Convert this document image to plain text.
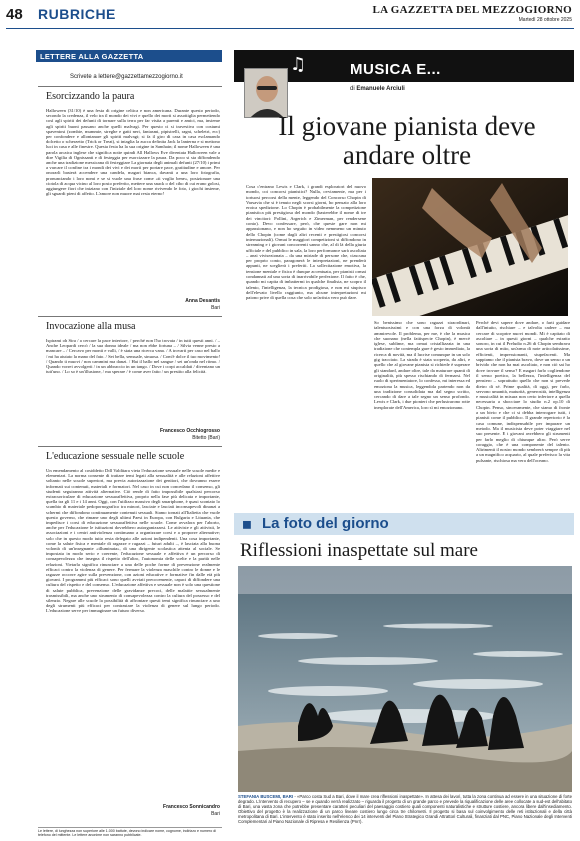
48 RUBRICHE	LA GAZZETTA DEL MEZZOGIORNO
Martedì 28 ottobre 2025
LETTERE ALLA GAZZETTA
Scrivete a lettere@gazzettamezzogiorno.it
Esorcizzando la paura
Halloween (31/10) è una festa di origine celtica e non americana. Durante questo periodo, secondo la credenza, il velo tra il mondo dei vivi e quello dei morti si assottiglia permettendo così agli spiriti dei defunti di tornare sulla terra per far visita a parenti e amici, ma, insieme agli spiriti buoni passano anche quelli malvagi. Per questo ci si travestiva con costumi spaventosi (zombie, mummie, streghe e gatti neri, fantasmi, pipistrelli, ragni, scheletri, ecc) per confondere e allontanare gli spiriti malvagi; si fa il giro di casa in casa esclamando dolcetto o scherzetto (Trick or Treat), si intaglia la zucca definita Jack la lanterna e si mettono luci in casa e alle finestre. Questa festa ha la sua origine in Samhain; il nome Halloween è una parola arcaica inglese che significa notte quindi All Hallows Eve diventata Halloween vale a dire Vigilia di Ognissanti e di festeggia per esorcizzare la paura. Da poco si sta diffondendo anche una tradizione messicana di festeggiare La giornata degli animali defunti (27/10) i primi a varcare il confine tra i mondi dei vivi e dei morti per portare pace, gratitudine e amore. Per onorarli basterà accendere una candela, magari bianca, davanti a una loro fotografia, pronunciando i loro nomi e se si vuole una frase come «ti voglio bene», posizionare una ciotola di acqua vicino al loro posto preferito, mettere una snack o del cibo di cui erano golosi, aggiungere fiori che iniziano con l'iniziale del loro nome rivivendo le foto, i giochi insieme, gli sguardi pieni di affetto. L'amore non muore mai resta eterno!
Anna Desantis
Bari
Invocazione alla musa
Ispirami oh Sira / a cercare la pace interiore, / perché non l'ho trovata / in tutti questi anni. / – Anche Leopardi cercò / la sua donna ideale / ma non ebbe fortuna – / Silvia venne presto a mancare – / Cercavo per monti e valli, / è stata una ricerca vana. / A trovarti per caso nel ballo / mi ha aiutato la mano del fato. / Sei bella, sensuale, sinuosa. / Com'è dolce il tuo movimento! / Quando ti muovi / non cammini ma danzi. / Hai il ballo nel sangue / sei un'onda nel ritmo. / Quando vorrei avvolgerti / in un abbraccio in un tango. / Dove i corpi accaldati / diventano un tutt'uno. / Lo so è un'illusione, / ma sperare / è come aver fatto / un prestito alla felicità.
Francesco Occhiogrosso
Bitetto (Bari)
L'educazione sessuale nelle scuole
Un emendamento al cosiddetto Ddl Valditara vieta l'educazione sessuale nelle scuole medie e elementari. La norma consente di trattare temi legati alla sessualità e alle relazioni affettive soltanto nelle scuole superiori, ma previa autorizzazione dei genitori, che dovranno essere informati sui contenuti, materiali e formatori. Nel caso in cui non concedano il consenso, gli studenti seguiranno attività alternative. Ciò rende di fatto impossibile qualsiasi percorso extracurriculare di educazione sessuoaffettiva, proprio nella fase più delicata e importante, quella tra gli 11 e i 14 anni. Oggi, con l'utilizzo massivo degli smartphone, è quasi scontato lo scambio di materiale pedopornografico tra minori, lasciate e lasciati inconsapevoli dinanzi a schermi che diffondono continuamente contenuti sessuali. Siamo tornati all'Italietta che vuole questo governo, che rimane uno degli ultimi Paesi in Europa, con Bulgaria e Lituania, che impedisce i corsi di educazione sessuoaffettiva nelle scuole. Come avvalora per l'aborto, anche per l'educazione le istituzioni dovrebbero autorganizzarsi. Le attiviste e gli attivisti, le associazioni e i centri antiviolenza continuano a organizzare corsi e a proporre alternative; solo che in questo modo tutto resta delegato alle azioni indipendenti. Una cosa importante, come la salute fisica e mentale di ragazze e ragazzi – futuri adulti –, è lasciata alla buona volontà di un'insegnante «illuminata», di una dirigente scolastica attenta al sociale. Se impostata in modo serio e coerente, l'educazione sessuale e affettiva è un percorso di consapevolezza che insegna il rispetto dell'altro, l'autonomia delle scelte e la parità nelle relazioni. Vietarla significa rinunciare a una delle poche forme di prevenzione realmente efficaci contro la violenza di genere. Per fermare la violenza maschile contro le donne e le ragazze occorre agire sulla prevenzione, con azioni educative e formative fin dalle età più giovani. I programmi più efficaci sono quelli avviati precocemente, capaci di diffondere una cultura del rispetto e del consenso. L'educazione affettiva e sessuale non è solo una questione di salute pubblica, prevenzione delle gravidanze precoci, delle malattie sessualmente trasmissibili, ma anche uno strumento di consapevolezza contro la cultura del possesso e del silenzio. Negare alle scuole la possibilità di affrontare questi temi significa rinunciare a uno degli strumenti più efficaci per contrastare la violenza di genere sul lungo periodo. L'educazione serve per immaginare un futuro diverso.
Francesco Sonnicandro
Bari
Le lettere, di lunghezza non superiore alle 1.000 battute, devono indicare nome, cognome, indirizzo e numero di telefono del mittente. Le lettere anonime non saranno pubblicate.
♫	MUSICA E...
di Emanuele Arciuli
Il giovane pianista deve andare oltre
Cosa c'entrano Lewis e Clark, i grandi esploratori del nuovo mondo, coi concorsi pianistici? Nulla, ovviamente, ma per i tortuosi percorsi della mente, leggendo del Concorso Chopin di Varsavia che si è tenuto negli scorsi giorni, ho pensato alla loro eroica spedizione. Lo Chopin è probabilmente la competizione pianistica più prestigiosa del mondo (basterebbe il nome di tre dei vincitori: Pollini, Argerich e Zimerman, per rendersene conto). Devo confessare, però, che queste gare non mi appassionano, e non ho seguito in video nemmeno un minuto dello Chopin (come dagli altri recenti e prestigiosi concorsi internazionali). Ormai le maggiori competizioni si diffondono in streaming e i giovani concorrenti sanno che, al di là della giuria ufficiale e del pubblico in sala, la loro performance sarà ascoltata – anzi vivisezionata – da una miriade di persone che, ciascuna per proprio conto, paragonerà le interpretazioni, ne prenderà appunti, ne sceglierà i preferiti. La sollecitazione emotiva, la tensione mentale e fisica è dunque accentuata, per pianisti ormai condannati ad una sorta di inarrivabile perfezione. Il fatto è che, quando mi capita di imbattermi in qualche finalista, ne scopro il talento, l'intelligenza, la tecnica prodigiosa, e non mi stupisco dell'elevato livello raggiunto, ma alcune interpretazioni mi paiono prive di quella cosa che solo un'artista vero può dare.
So benissimo che sono ragazzi straordinari, talentuosissimi e con una forza di volontà ammirevole. Il problema, per me, è che la musica che suonano (nella fattispecie Chopin), è mercè iglese, sublime, ma ormai cristallizzata in una tradizione che contempla gare è gesto immediato, la ricerca di novità, ma il lucrise comunque in un solo gig tracciato. La strada è stata scoperta, da altri, e quello che al giovane pianista si richiede è superare gli standard, andare oltre, tale da maturare quanti di originalità, più spesso rischiando di fermarsi. Nel ruolo di sperimentatore, lo confesso, mi interessa ed emoziona la musica, leggendola partendo non da una tradizione consolidata ma dal segno scritto, cercando di dare a tale segno un senso profondo. Lewis e Clark, i due pionieri che perlustrarono rotte inesplorate dell'America, loro sì mi emozionano.
Perché devi sapere dove andare, o farti guidare dall'intuito, rischiare – e talvolta cadere – ma cercare di scoprire nuovi mondi. Mi è capitato di ascoltare – in questi giorni – qualche estratto sonoro, in cui il Preludio n.26 di Chopin sembrava una sorta di mito, un'arma di note articolatissime, efficienti, impressionanti, stupefacenti. Ma sappiamo che il pianista bravo, dove un senso o un brivido che non ha mai ascoltato, e non ciò sai ho dove trovare il senso? E magari farlo cogliendone il senso poetico, la bellezza, l'intelligenza del pensiero – soprattutto quello che non si prevede dietro di sé. Prime qualità, di oggi, per farlo, servono umanità, maturità, generosità, intelligenza e musicalità in misura non certo inferiore a quella necessaria a sbocciare lo studio n.2 op.10 di Chopin. Penso, sinceramente, che siamo di fronte a un bivio e che ci si debba interrogare tutti, i pianisti come il pubblico. Il grande repertorio è la casa comune, indispensabile per imparare un metodo. Ma il musicista deve poter viaggiare nel suo presente. E i giovani avrebbero gli strumenti per farlo meglio di chiunque altro. Però serve coraggio, che è una componente del talento. Altrimenti il nostro mondo sembrerà sempre di più a un magnifico acquario, al quale preferisco la vita pulsante, rischiosa ma vera dell'oceano.
◼ La foto del giorno
Riflessioni inaspettate sul mare
STEFANIA BUSCEMI, BARI - «Parco costa Sud a Bari, dove il mare crea riflessioni inaspettate». In attesa dei lavori, tutta la zona continua ad essere in una situazione di forte degrado. L'intervento di recupero – se e quando verrà realizzato – riguarda il progetto di un grande parco e prevede la riqualificazione delle aree collocate a sud-est dell'abitato di Bari, una vasta zona che potrebbe presentare caratteri peculiari del paesaggio costiero quali componenti naturalistiche e strutture costiere, ancora libere dall'insediamento. Obiettivo del progetto è la realizzazione di un parco lineare costiero lungo circa tre chilometri. Il progetto si basa sul coinvolgimento delle reti istituzionali e della città metropolitana di Bari. L'intervento è stato inserito nell'elenco dei 14 interventi del Piano Strategico Grandi Attrattori Culturali, finanziati dal PNC, Piano Nazionale degli Interventi Complementari al Piano Nazionale di Ripresa e Resilienza (Pnrr).
